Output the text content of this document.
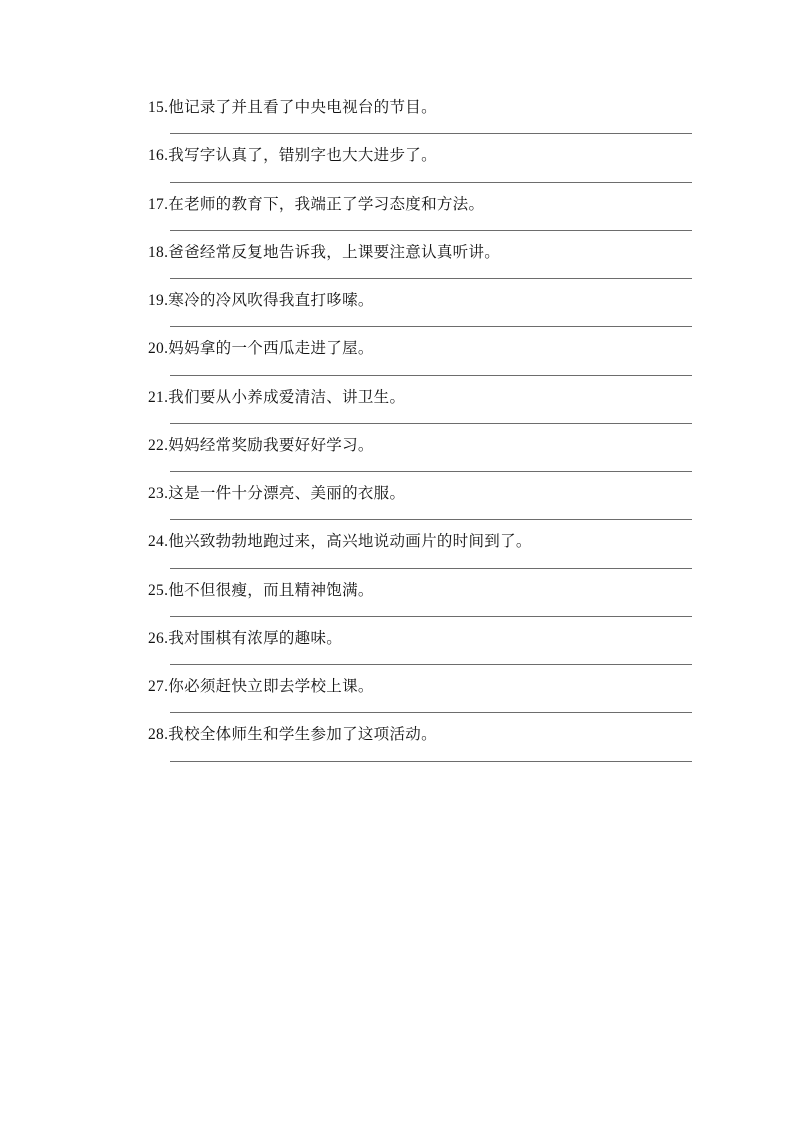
15.他记录了并且看了中央电视台的节目。
16.我写字认真了，错别字也大大进步了。
17.在老师的教育下，我端正了学习态度和方法。
18.爸爸经常反复地告诉我，上课要注意认真听讲。
19.寒冷的冷风吹得我直打哆嗦。
20.妈妈拿的一个西瓜走进了屋。
21.我们要从小养成爱清洁、讲卫生。
22.妈妈经常奖励我要好好学习。
23.这是一件十分漂亮、美丽的衣服。
24.他兴致勃勃地跑过来，高兴地说动画片的时间到了。
25.他不但很瘦，而且精神饱满。
26.我对围棋有浓厚的趣味。
27.你必须赶快立即去学校上课。
28.我校全体师生和学生参加了这项活动。
